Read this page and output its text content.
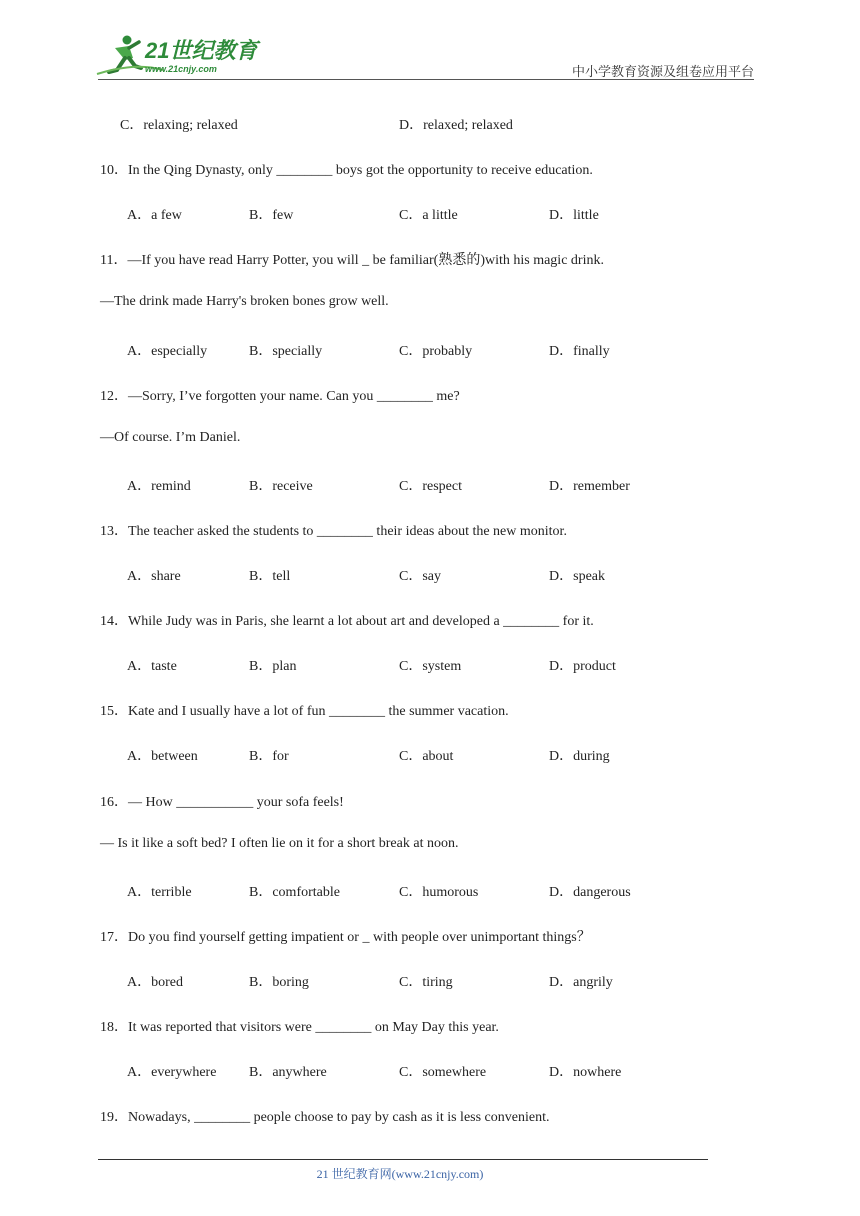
21世纪教育
www.21cnjy.com	中小学教育资源及组卷应用平台
C．relaxing; relaxed	D．relaxed; relaxed
10．In the Qing Dynasty, only ________ boys got the opportunity to receive education.
A．a few	B．few	C．a little	D．little
11．—If you have read Harry Potter, you will _ be familiar(熟悉的)with his magic drink.
—The drink made Harry's broken bones grow well.
A．especially	B．specially	C．probably	D．finally
12．—Sorry, I’ve forgotten your name. Can you ________ me?
—Of course. I’m Daniel.
A．remind	B．receive	C．respect	D．remember
13．The teacher asked the students to ________ their ideas about the new monitor.
A．share	B．tell	C．say	D．speak
14．While Judy was in Paris, she learnt a lot about art and developed a ________ for it.
A．taste	B．plan	C．system	D．product
15．Kate and I usually have a lot of fun ________ the summer vacation.
A．between	B．for	C．about	D．during
16．— How ___________ your sofa feels!
— Is it like a soft bed? I often lie on it for a short break at noon.
A．terrible	B．comfortable	C．humorous	D．dangerous
17．Do you find yourself getting impatient or _ with people over unimportant things？
A．bored	B．boring	C．tiring	D．angrily
18．It was reported that visitors were ________ on May Day this year.
A．everywhere B．anywhere	C．somewhere	D．nowhere
19．Nowadays, ________ people choose to pay by cash as it is less convenient.
21 世纪教育网(www.21cnjy.com)
